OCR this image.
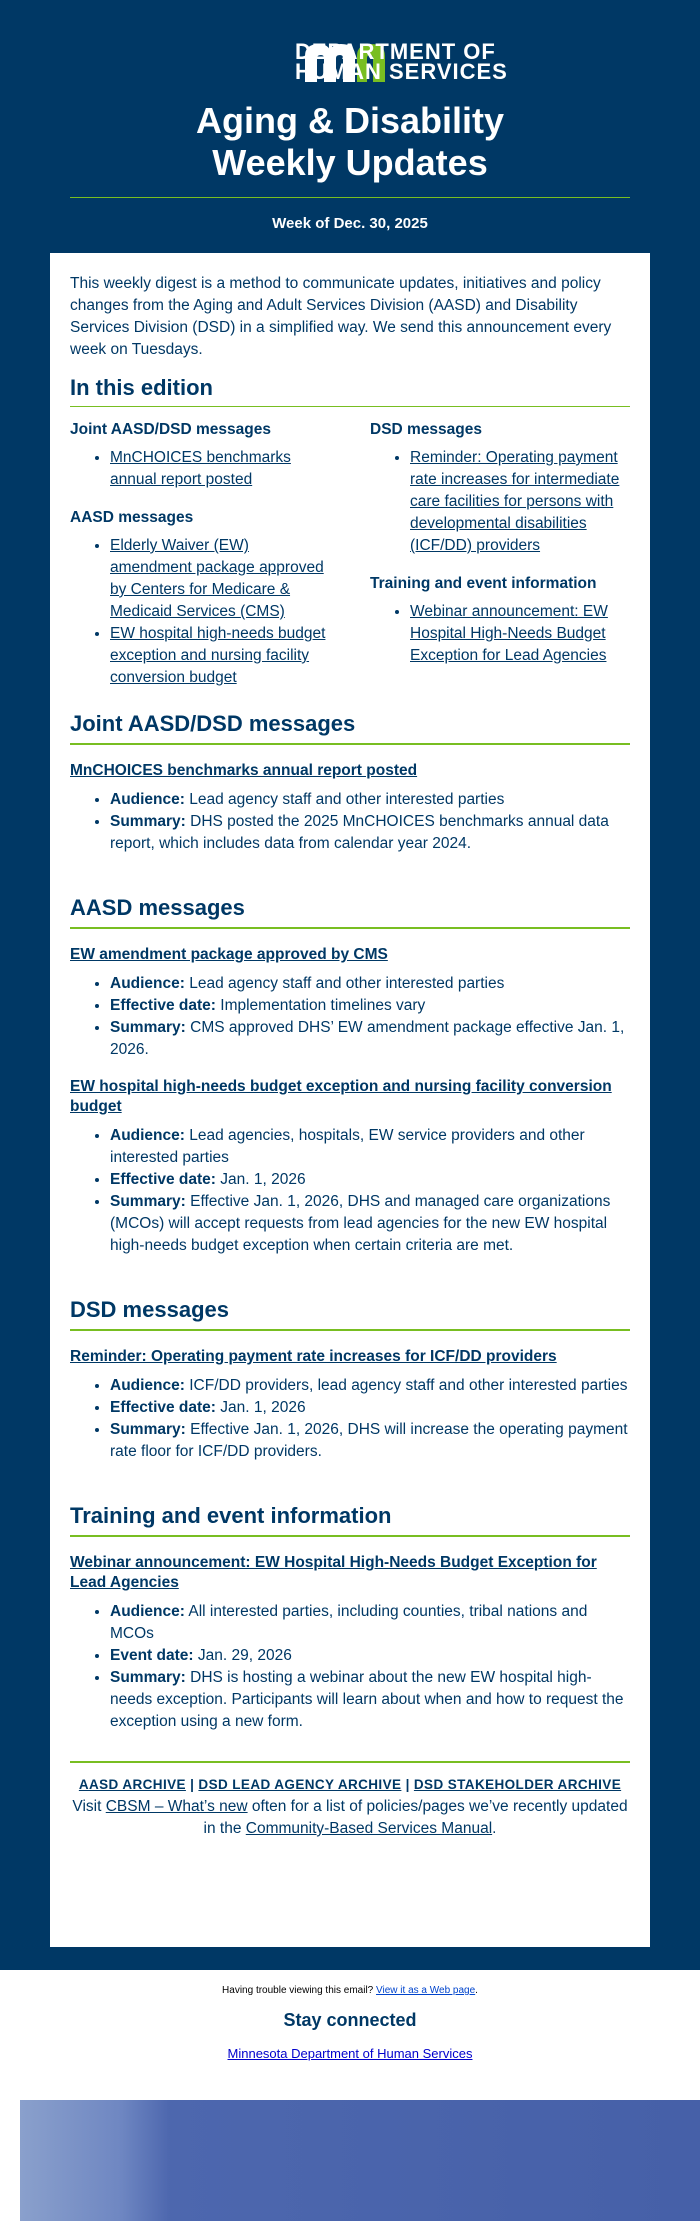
DEPARTMENT OF
HUMAN SERVICES
Aging & Disability
Weekly Updates
Week of Dec. 30, 2025

This weekly digest is a method to communicate updates, initiatives and policy changes from the Aging and Adult Services Division (AASD) and Disability Services Division (DSD) in a simplified way. We send this announcement every week on Tuesdays.

In this edition
Joint AASD/DSD messages
• MnCHOICES benchmarks annual report posted
AASD messages
• Elderly Waiver (EW) amendment package approved by Centers for Medicare & Medicaid Services (CMS)
• EW hospital high-needs budget exception and nursing facility conversion budget
DSD messages
• Reminder: Operating payment rate increases for intermediate care facilities for persons with developmental disabilities (ICF/DD) providers
Training and event information
• Webinar announcement: EW Hospital High-Needs Budget Exception for Lead Agencies
Joint AASD/DSD messages
MnCHOICES benchmarks annual report posted
• Audience: Lead agency staff and other interested parties
• Summary: DHS posted the 2025 MnCHOICES benchmarks annual data report, which includes data from calendar year 2024.
AASD messages
EW amendment package approved by CMS
• Audience: Lead agency staff and other interested parties
• Effective date: Implementation timelines vary
• Summary: CMS approved DHS’ EW amendment package effective Jan. 1, 2026.
EW hospital high-needs budget exception and nursing facility conversion budget
• Audience: Lead agencies, hospitals, EW service providers and other interested parties
• Effective date: Jan. 1, 2026
• Summary: Effective Jan. 1, 2026, DHS and managed care organizations (MCOs) will accept requests from lead agencies for the new EW hospital high-needs budget exception when certain criteria are met.
DSD messages
Reminder: Operating payment rate increases for ICF/DD providers
• Audience: ICF/DD providers, lead agency staff and other interested parties
• Effective date: Jan. 1, 2026
• Summary: Effective Jan. 1, 2026, DHS will increase the operating payment rate floor for ICF/DD providers.
Training and event information
Webinar announcement: EW Hospital High-Needs Budget Exception for Lead Agencies
• Audience: All interested parties, including counties, tribal nations and MCOs
• Event date: Jan. 29, 2026
• Summary: DHS is hosting a webinar about the new EW hospital high-needs exception. Participants will learn about when and how to request the exception using a new form.
AASD ARCHIVE | DSD LEAD AGENCY ARCHIVE | DSD STAKEHOLDER ARCHIVE

Visit CBSM – What’s new often for a list of policies/pages we’ve recently updated in the Community-Based Services Manual.

Having trouble viewing this email? View it as a Web page.
Stay connected
Minnesota Department of Human Services
